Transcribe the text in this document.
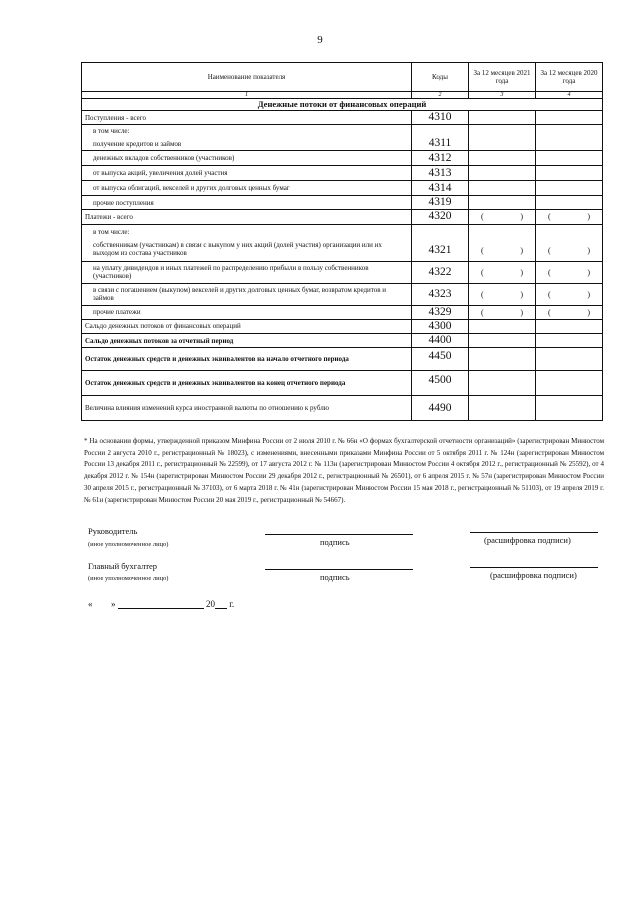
9
Наименование показателя	Коды	За 12 месяцев 2021 года	За 12 месяцев 2020 года
1	2	3	4
Денежные потоки от финансовых операций			
Поступления - всего	4310		

в том числе:
получение кредитов и займов	4311		

денежных вкладов собственников (участников)	4312		

от выпуска акций, увеличения долей участия	4313		

от выпуска облигаций, векселей и других долговых ценных бумаг	4314		

прочие поступления	4319		
Платежи - всего	4320	( )	( )

в том числе:
собственникам (участникам) в связи с выкупом у них акций (долей участия) организации или их выходом из состава участников	4321	( )	( )

на уплату дивидендов и иных платежей по распределению прибыли в пользу собственников (участников)	4322	( )	( )

в связи с погашением (выкупом) векселей и других долговых ценных бумаг, возвратом кредитов и займов	4323	( )	( )

прочие платежи	4329	( )	( )

Сальдо денежных потоков от финансовых операций	4300		
Сальдо денежных потоков за отчетный период	4400		
Остаток денежных средств и денежных эквивалентов на начало отчетного периода	4450		
Остаток денежных средств и денежных эквивалентов на конец отчетного периода	4500		
Величина влияния изменений курса иностранной валюты по отношению к рублю	4490		
* На основании формы, утвержденной приказом Минфина России от 2 июля 2010 г. № 66н «О формах бухгалтерской отчетности организаций» (зарегистрирован Минюстом России 2 августа 2010 г., регистрационный № 18023), с изменениями, внесенными приказами Минфина России от 5 октября 2011 г. № 124н (зарегистрирован Минюстом России 13 декабря 2011 г., регистрационный № 22599), от 17 августа 2012 г. № 113н (зарегистрирован Минюстом России 4 октября 2012 г., регистрационный № 25592), от 4 декабря 2012 г. № 154н (зарегистрирован Минюстом России 29 декабря 2012 г., регистрационный № 26501), от 6 апреля 2015 г. № 57н (зарегистрирован Минюстом России 30 апреля 2015 г., регистрационный № 37103), от 6 марта 2018 г. № 41н (зарегистрирован Минюстом России 15 мая 2018 г., регистрационный № 51103), от 19 апреля 2019 г. № 61н (зарегистрирован Минюстом России 20 мая 2019 г., регистрационный № 54667).
Руководитель
(иное уполномоченное лицо)	подпись	(расшифровка подписи)
Главный бухгалтер
(иное уполномоченное лицо)	подпись	(расшифровка подписи)
« »	20 г.
